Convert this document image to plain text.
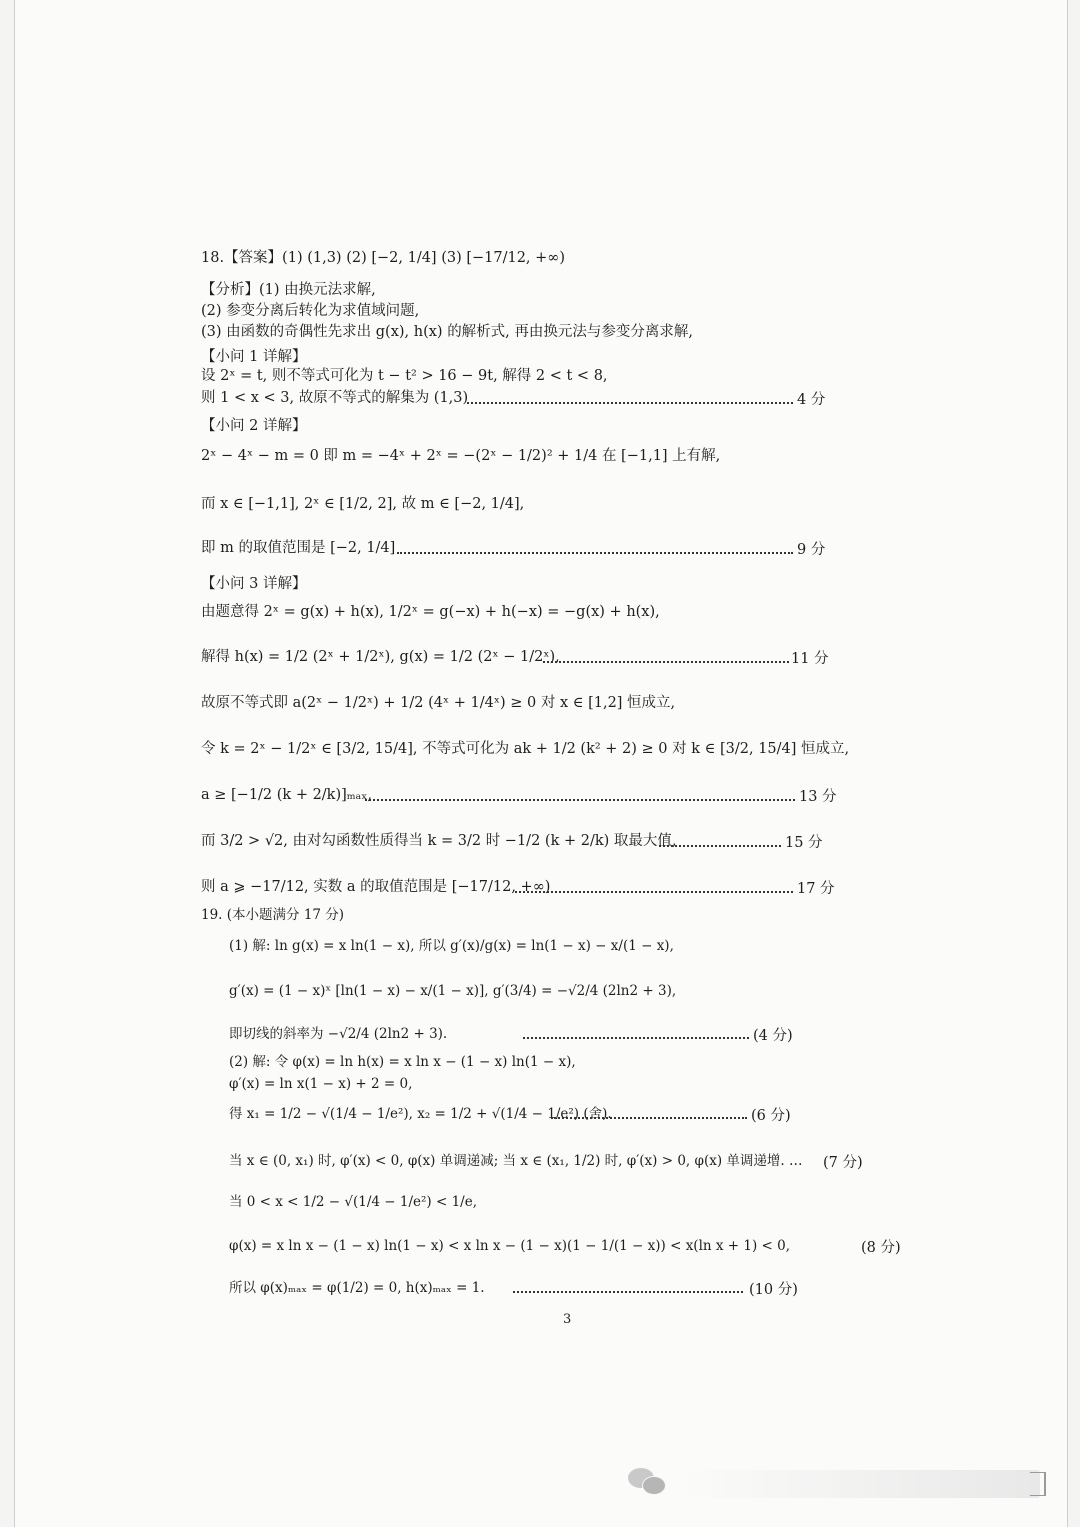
18.【答案】(1) (1,3) (2) [−2, 1/4] (3) [−17/12, +∞)
【分析】(1) 由换元法求解,
(2) 参变分离后转化为求值域问题,
(3) 由函数的奇偶性先求出 g(x), h(x) 的解析式, 再由换元法与参变分离求解,
【小问 1 详解】
设 2ˣ = t, 则不等式可化为 t − t² > 16 − 9t, 解得 2 < t < 8,
则 1 < x < 3, 故原不等式的解集为 (1,3)	4 分
【小问 2 详解】
2ˣ − 4ˣ − m = 0 即 m = −4ˣ + 2ˣ = −(2ˣ − 1/2)² + 1/4 在 [−1,1] 上有解,
而 x ∈ [−1,1], 2ˣ ∈ [1/2, 2], 故 m ∈ [−2, 1/4],
即 m 的取值范围是 [−2, 1/4]	9 分
【小问 3 详解】
由题意得 2ˣ = g(x) + h(x), 1/2ˣ = g(−x) + h(−x) = −g(x) + h(x),
解得 h(x) = 1/2 (2ˣ + 1/2ˣ), g(x) = 1/2 (2ˣ − 1/2ˣ),	11 分
故原不等式即 a(2ˣ − 1/2ˣ) + 1/2 (4ˣ + 1/4ˣ) ≥ 0 对 x ∈ [1,2] 恒成立,
令 k = 2ˣ − 1/2ˣ ∈ [3/2, 15/4], 不等式可化为 ak + 1/2 (k² + 2) ≥ 0 对 k ∈ [3/2, 15/4] 恒成立,
a ≥ [−1/2 (k + 2/k)]ₘₐₓ,	13 分
而 3/2 > √2, 由对勾函数性质得当 k = 3/2 时 −1/2 (k + 2/k) 取最大值,	15 分
则 a ⩾ −17/12, 实数 a 的取值范围是 [−17/12, +∞)	17 分
19. (本小题满分 17 分)
(1) 解: ln g(x) = x ln(1 − x), 所以 g′(x)/g(x) = ln(1 − x) − x/(1 − x),
g′(x) = (1 − x)ˣ [ln(1 − x) − x/(1 − x)], g′(3/4) = −√2/4 (2ln2 + 3),
即切线的斜率为 −√2/4 (2ln2 + 3).	(4 分)
(2) 解: 令 φ(x) = ln h(x) = x ln x − (1 − x) ln(1 − x),
φ′(x) = ln x(1 − x) + 2 = 0,
得 x₁ = 1/2 − √(1/4 − 1/e²), x₂ = 1/2 + √(1/4 − 1/e²) (舍).	(6 分)
当 x ∈ (0, x₁) 时, φ′(x) < 0, φ(x) 单调递减; 当 x ∈ (x₁, 1/2) 时, φ′(x) > 0, φ(x) 单调递增. … (7 分)
当 0 < x < 1/2 − √(1/4 − 1/e²) < 1/e,
φ(x) = x ln x − (1 − x) ln(1 − x) < x ln x − (1 − x)(1 − 1/(1 − x)) < x(ln x + 1) < 0,	(8 分)
所以 φ(x)ₘₐₓ = φ(1/2) = 0, h(x)ₘₐₓ = 1.	(10 分)
3
